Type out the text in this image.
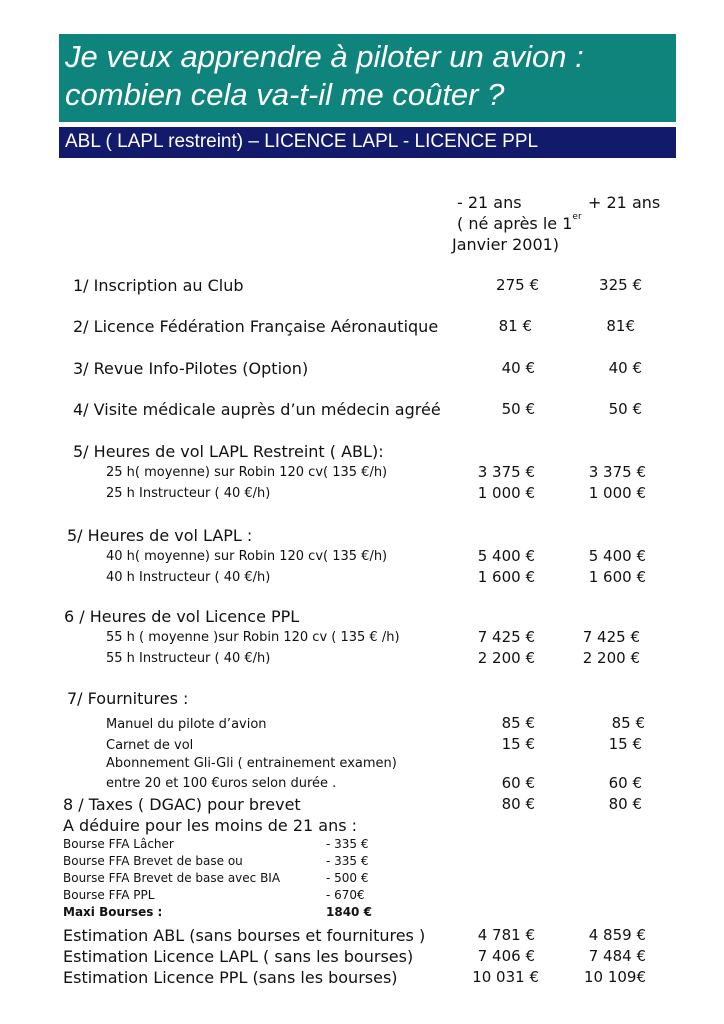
Je veux apprendre à piloter un avion :
combien cela va-t-il me coûter ?
ABL ( LAPL restreint) – LICENCE LAPL - LICENCE PPL
- 21 ans	+ 21 ans
( né après le 1er
Janvier 2001)
1/ Inscription au Club	275 €	325 €
2/ Licence Fédération Française Aéronautique	81 €	81€
3/ Revue Info-Pilotes (Option)	40 €	40 €
4/ Visite médicale auprès d’un médecin agréé	50 €	50 €
5/ Heures de vol LAPL Restreint ( ABL):
25 h( moyenne) sur Robin 120 cv( 135 €/h)	3 375 €	3 375 €
25 h Instructeur ( 40 €/h)	1 000 €	1 000 €
5/ Heures de vol LAPL :
40 h( moyenne) sur Robin 120 cv( 135 €/h)	5 400 €	5 400 €
40 h Instructeur ( 40 €/h)	1 600 €	1 600 €
6 / Heures de vol Licence PPL
55 h ( moyenne )sur Robin 120 cv ( 135 € /h)	7 425 €	7 425 €
55 h Instructeur ( 40 €/h)	2 200 €	2 200 €
7/ Fournitures :
Manuel du pilote d’avion	85 €	85 €
Carnet de vol	15 €	15 €
Abonnement Gli-Gli ( entrainement examen)
entre 20 et 100 €uros selon durée .	60 €	60 €
8 / Taxes ( DGAC) pour brevet	80 €	80 €
A déduire pour les moins de 21 ans :
Bourse FFA Lâcher	- 335 €
Bourse FFA Brevet de base ou	- 335 €
Bourse FFA Brevet de base avec BIA	- 500 €
Bourse FFA PPL	- 670€
Maxi Bourses :	1840 €
Estimation ABL (sans bourses et fournitures )	4 781 €	4 859 €
Estimation Licence LAPL ( sans les bourses)	7 406 €	7 484 €
Estimation Licence PPL (sans les bourses)	10 031 €	10 109€
